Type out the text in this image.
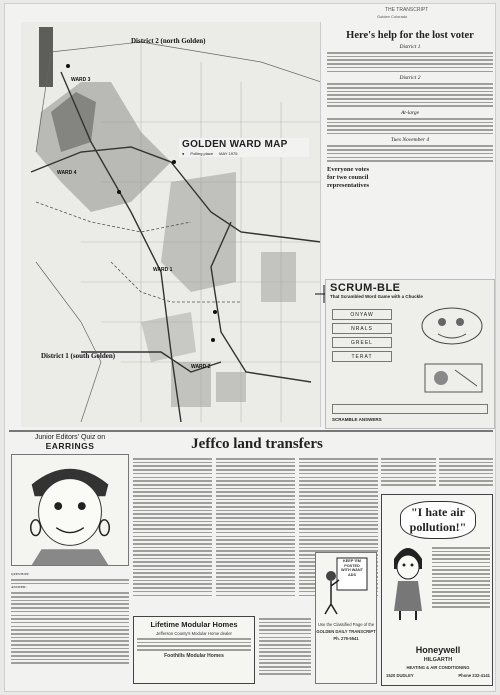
THE TRANSCRIPT
Golden Colorado
District 2 (north Golden)
WARD 3
WARD 4
WARD 1
WARD 2
District 1 (south Golden)
GOLDEN WARD MAP
● Polling place MAY 1975
Here's help for the lost voter
District 1
District 2
At-large
Tues November 4
Everyone votes
for two council
representatives
SCRUM-BLE
That Scrambled Word Game with a Chuckle
ONYAW
NRALS
GREEL
TERAT
SCRAMBLE ANSWERS
Junior Editors' Quiz on
EARRINGS
QUESTION:
ANSWER:
Jeffco land transfers
Lifetime Modular Homes
Jefferson County's Modular Home dealer
Foothills Modular Homes
KEEP 'EM POSTED WITH WANT ADS
Use the Classified Page of the
GOLDEN DAILY TRANSCRIPT
Ph. 279-5541
"I hate air pollution!"
Honeywell
HILGARTH
HEATING & AIR CONDITIONING
1520 DUDLEY	Phone 232-4141
